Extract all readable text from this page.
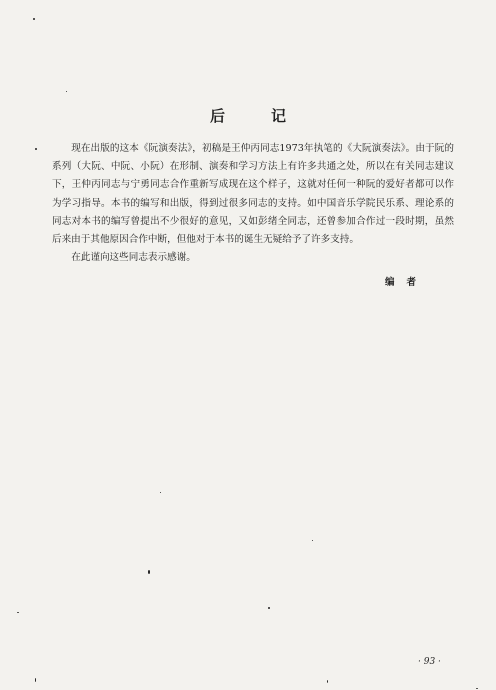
后记

现在出版的这本《阮演奏法》，初稿是王仲丙同志1973年执笔的《大阮演奏法》。由于阮的系列（大阮、中阮、小阮）在形制、演奏和学习方法上有许多共通之处，所以在有关同志建议下，王仲丙同志与宁勇同志合作重新写成现在这个样子，这就对任何一种阮的爱好者都可以作为学习指导。本书的编写和出版，得到过很多同志的支持。如中国音乐学院民乐系、理论系的同志对本书的编写曾提出不少很好的意见，又如彭绪全同志，还曾参加合作过一段时期，虽然后来由于其他原因合作中断，但他对于本书的诞生无疑给予了许多支持。

在此谨向这些同志表示感谢。

编者
· 93 ·
